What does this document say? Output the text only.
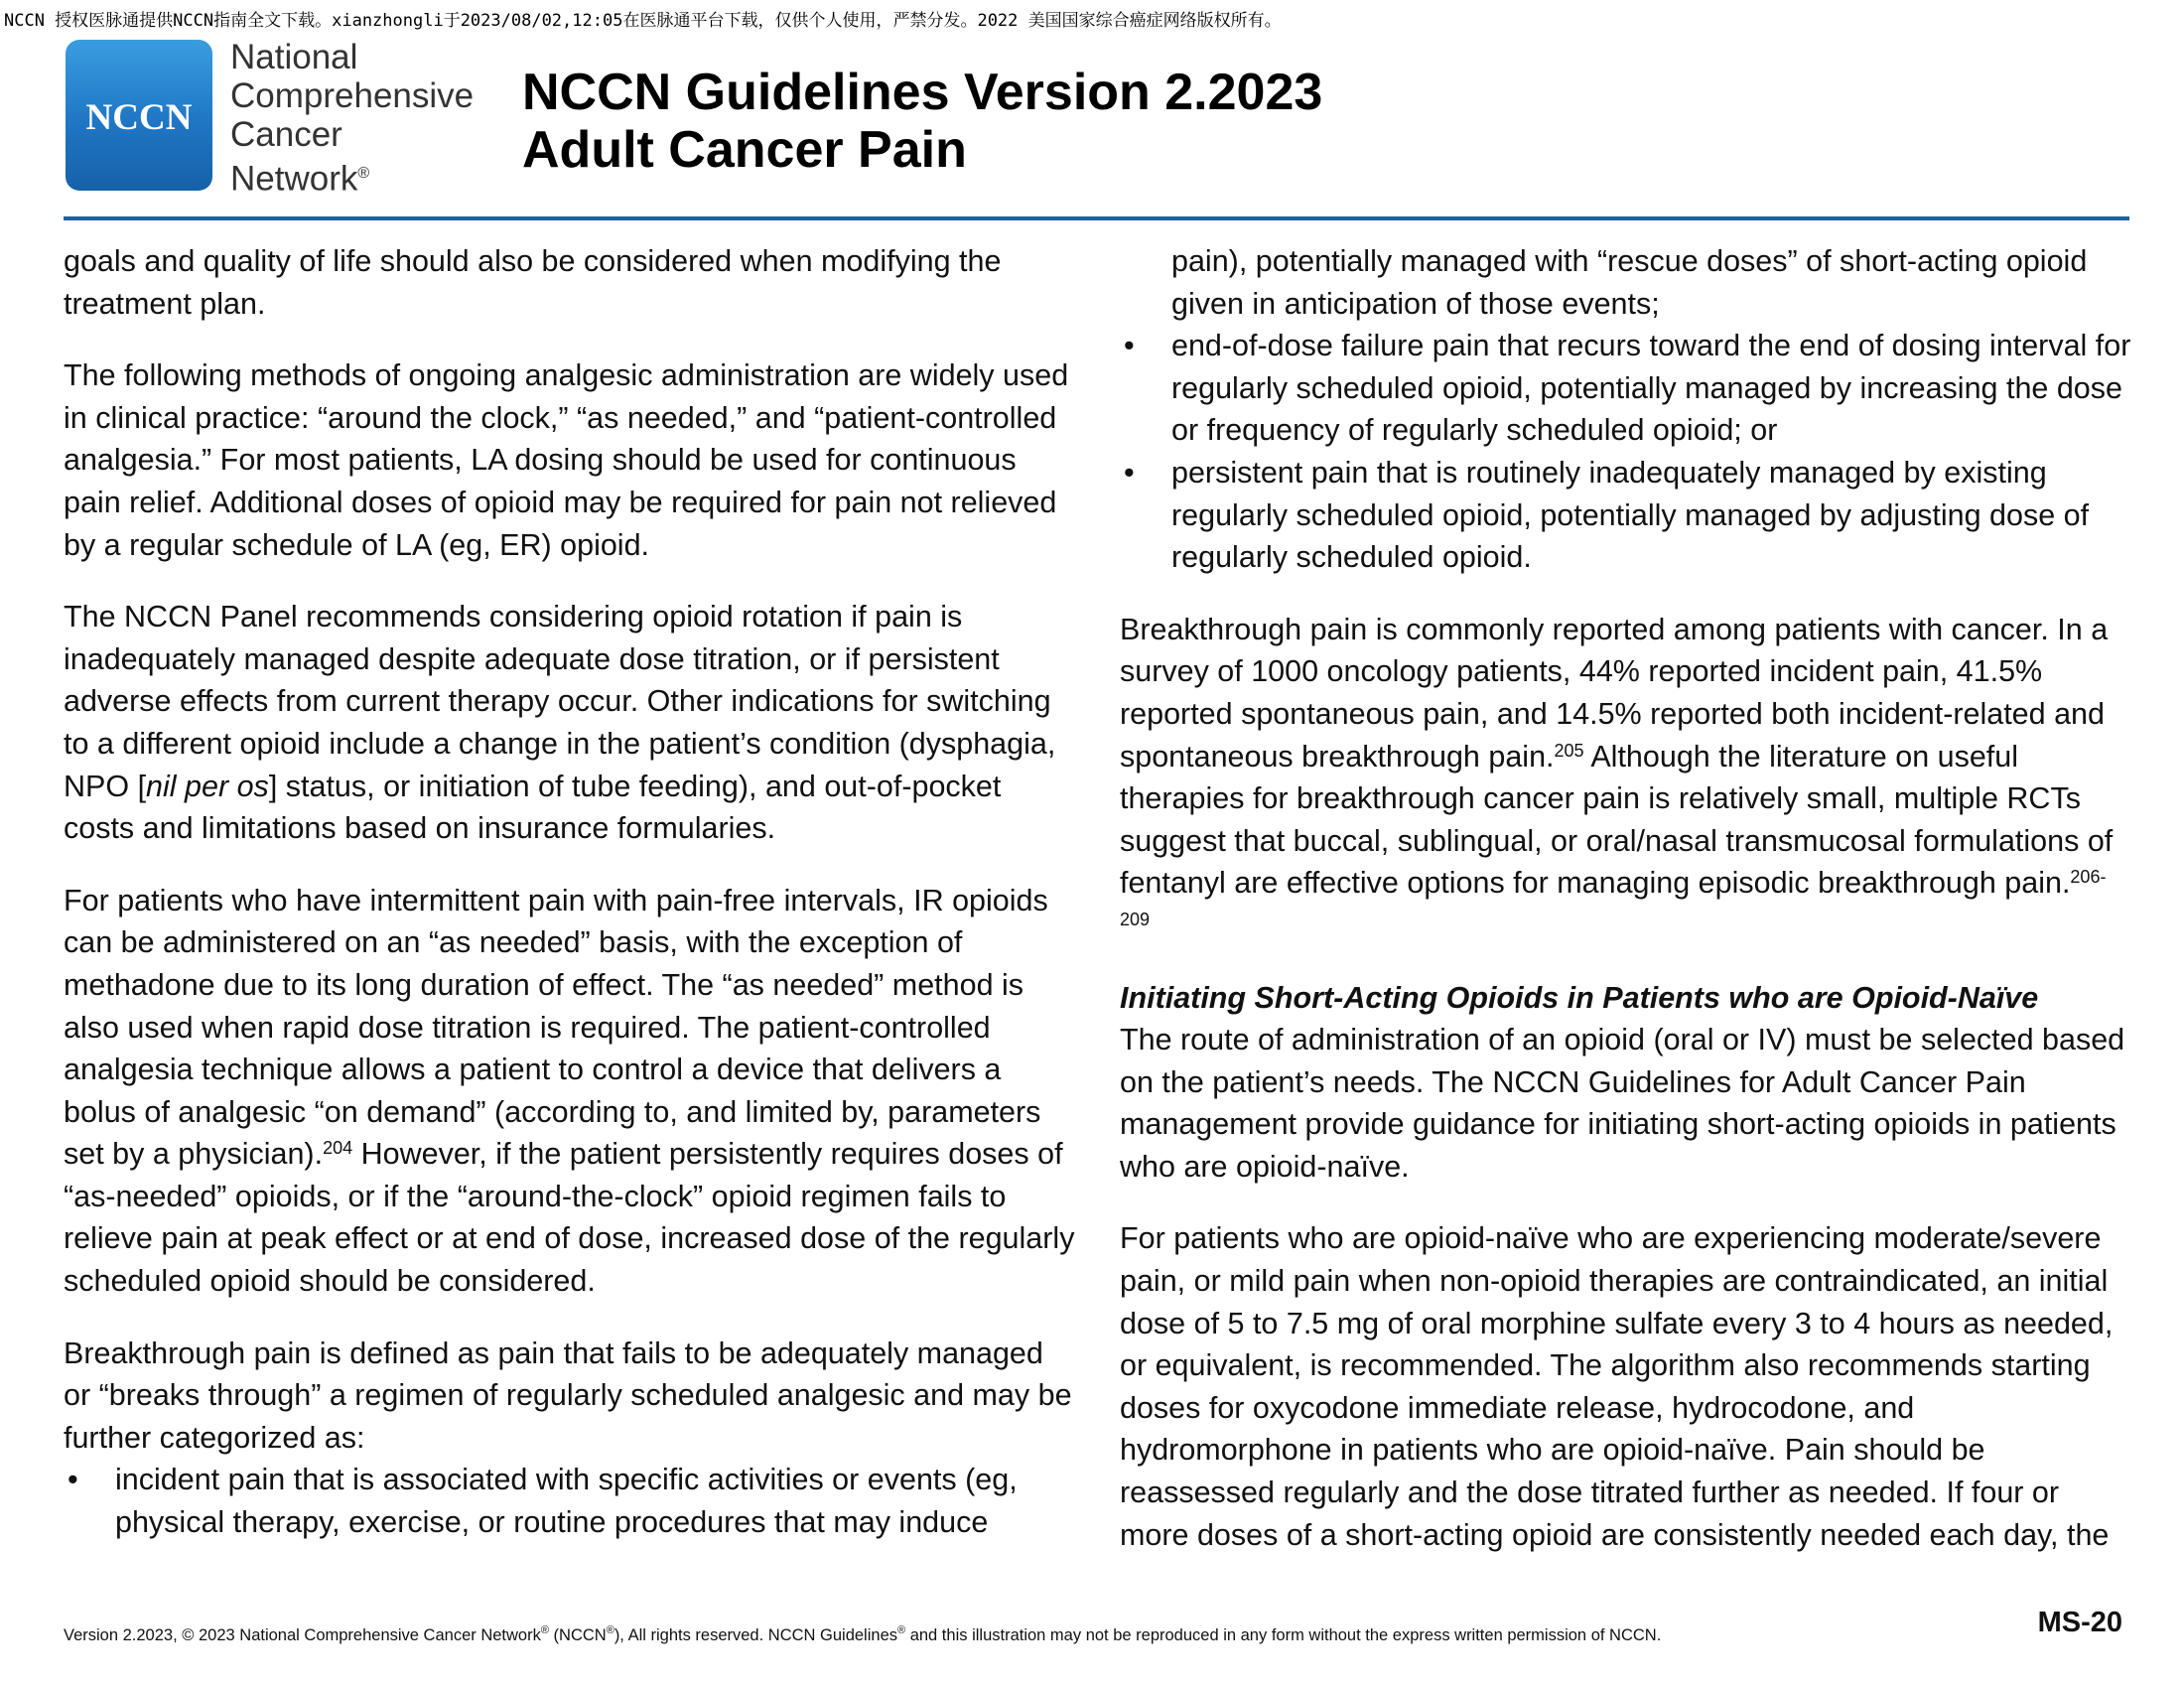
NCCN 授权医脉通提供NCCN指南全文下载。xianzhongli于2023/08/02,12:05在医脉通平台下载，仅供个人使用，严禁分发。2022 美国国家综合癌症网络版权所有。
NCCN
National
Comprehensive
Cancer
Network®
NCCN Guidelines Version 2.2023
Adult Cancer Pain

goals and quality of life should also be considered when modifying the treatment plan.

The following methods of ongoing analgesic administration are widely used in clinical practice: “around the clock,” “as needed,” and “patient-controlled analgesia.” For most patients, LA dosing should be used for continuous pain relief. Additional doses of opioid may be required for pain not relieved by a regular schedule of LA (eg, ER) opioid.

The NCCN Panel recommends considering opioid rotation if pain is inadequately managed despite adequate dose titration, or if persistent adverse effects from current therapy occur. Other indications for switching to a different opioid include a change in the patient’s condition (dysphagia, NPO [nil per os] status, or initiation of tube feeding), and out-of-pocket costs and limitations based on insurance formularies.

For patients who have intermittent pain with pain-free intervals, IR opioids can be administered on an “as needed” basis, with the exception of methadone due to its long duration of effect. The “as needed” method is also used when rapid dose titration is required. The patient-controlled analgesia technique allows a patient to control a device that delivers a bolus of analgesic “on demand” (according to, and limited by, parameters set by a physician).$^{204}$ However, if the patient persistently requires doses of “as-needed” opioids, or if the “around-the-clock” opioid regimen fails to relieve pain at peak effect or at end of dose, increased dose of the regularly scheduled opioid should be considered.

Breakthrough pain is defined as pain that fails to be adequately managed or “breaks through” a regimen of regularly scheduled analgesic and may be further categorized as:

• incident pain that is associated with specific activities or events (eg, physical therapy, exercise, or routine procedures that may induce
pain), potentially managed with “rescue doses” of short-acting opioid given in anticipation of those events;
• end-of-dose failure pain that recurs toward the end of dosing interval for regularly scheduled opioid, potentially managed by increasing the dose or frequency of regularly scheduled opioid; or
• persistent pain that is routinely inadequately managed by existing regularly scheduled opioid, potentially managed by adjusting dose of regularly scheduled opioid.

Breakthrough pain is commonly reported among patients with cancer. In a survey of 1000 oncology patients, 44% reported incident pain, 41.5% reported spontaneous pain, and 14.5% reported both incident-related and spontaneous breakthrough pain.$^{205}$ Although the literature on useful therapies for breakthrough cancer pain is relatively small, multiple RCTs suggest that buccal, sublingual, or oral/nasal transmucosal formulations of fentanyl are effective options for managing episodic breakthrough pain.$^{206-209}$

Initiating Short-Acting Opioids in Patients who are Opioid-Naïve

The route of administration of an opioid (oral or IV) must be selected based on the patient’s needs. The NCCN Guidelines for Adult Cancer Pain management provide guidance for initiating short-acting opioids in patients who are opioid-naïve.

For patients who are opioid-naïve who are experiencing moderate/severe pain, or mild pain when non-opioid therapies are contraindicated, an initial dose of 5 to 7.5 mg of oral morphine sulfate every 3 to 4 hours as needed, or equivalent, is recommended. The algorithm also recommends starting doses for oxycodone immediate release, hydrocodone, and hydromorphone in patients who are opioid-naïve. Pain should be reassessed regularly and the dose titrated further as needed. If four or more doses of a short-acting opioid are consistently needed each day, the

Version 2.2023, © 2023 National Comprehensive Cancer Network® (NCCN®), All rights reserved. NCCN Guidelines® and this illustration may not be reproduced in any form without the express written permission of NCCN.	MS-20
